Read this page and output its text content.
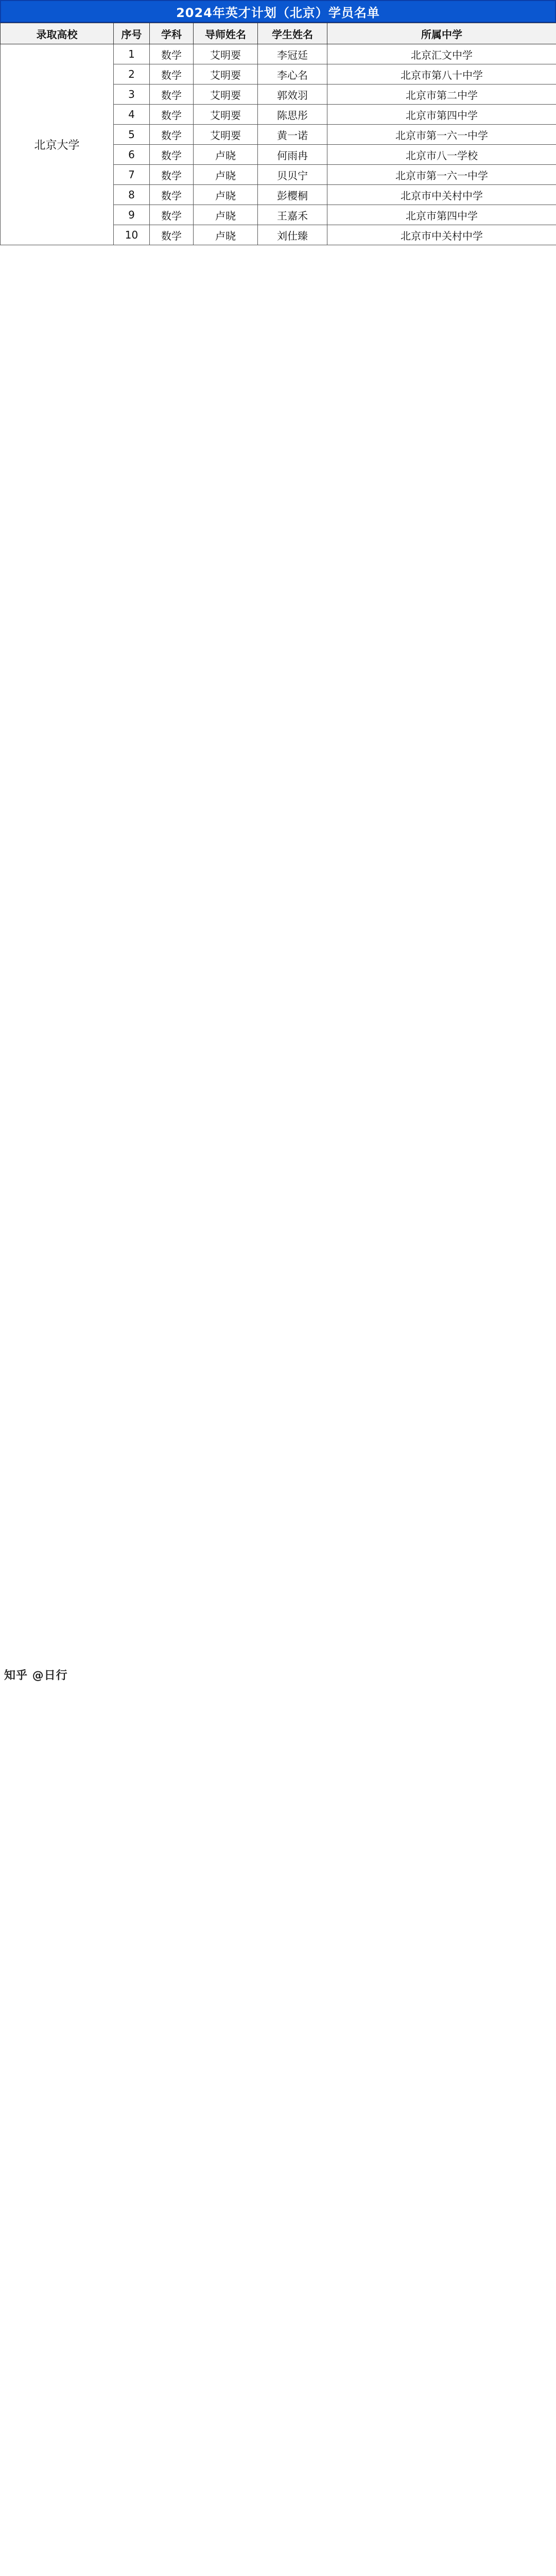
2024年英才计划（北京）学员名单
录取高校	序号	学科	导师姓名	学生姓名	所属中学
北京大学	1	数学	艾明要	李冠廷	北京汇文中学
	2	数学	艾明要	李心名	北京市第八十中学
	3	数学	艾明要	郭效羽	北京市第二中学
	4	数学	艾明要	陈思彤	北京市第四中学
	5	数学	艾明要	黄一诺	北京市第一六一中学
	6	数学	卢晓	何雨冉	北京市八一学校
	7	数学	卢晓	贝贝宁	北京市第一六一中学
	8	数学	卢晓	彭樱桐	北京市中关村中学
	9	数学	卢晓	王嘉禾	北京市第四中学
	10	数学	卢晓	刘仕臻	北京市中关村中学
知乎 @日行
